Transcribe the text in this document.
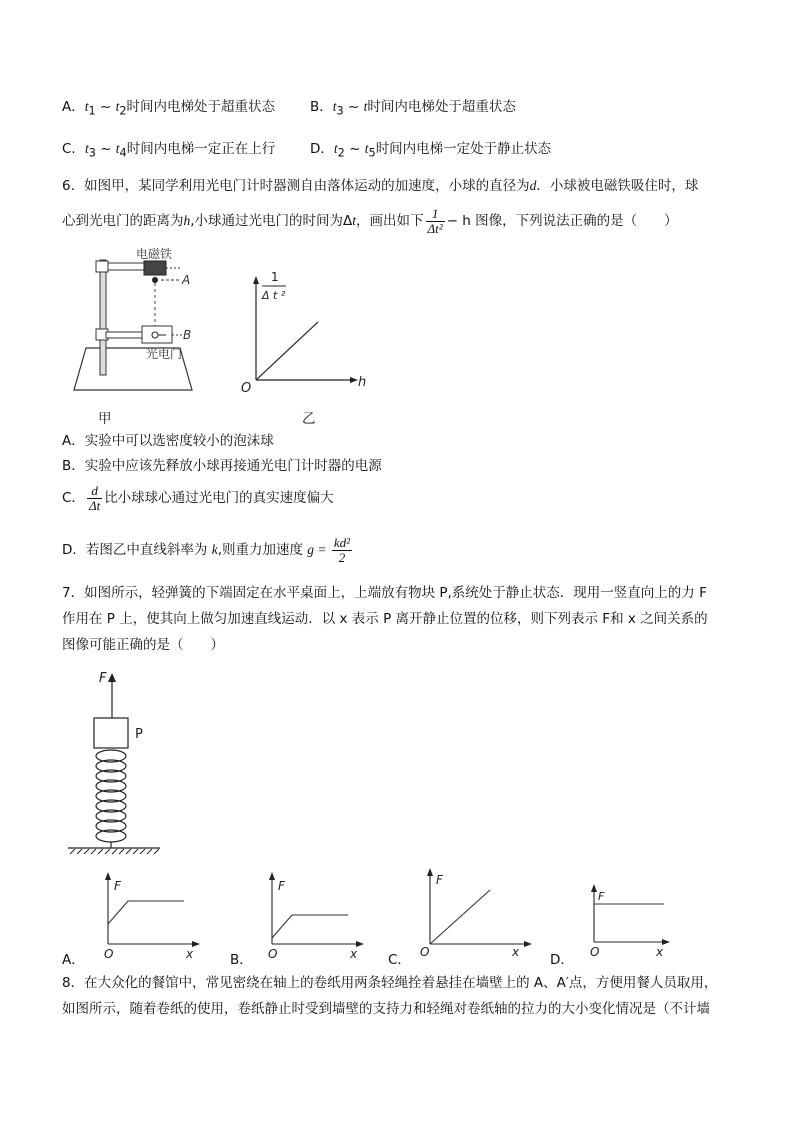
A．$t_1$ ~ $t_2$时间内电梯处于超重状态	B．$t_3$ ~ t时间内电梯处于超重状态
C．$t_3$ ~ $t_4$时间内电梯一定正在上行	D．$t_2$ ~ $t_5$时间内电梯一定处于静止状态
6．如图甲，某同学利用光电门计时器测自由落体运动的加速度，小球的直径为d．小球被电磁铁吸住时，球
心到光电门的距离为h,小球通过光电门的时间为Δt，画出如下 $\frac{1}{\text{Δt²}} - h$ 图像，下列说法正确的是（　　）
电磁铁
A
B
光电门
甲
1
Δ t ²
h
O
乙
A．实验中可以选密度较小的泡沫球
B．实验中应该先释放小球再接通光电门计时器的电源
C． $\frac{d}{\Delta t}$ 比小球球心通过光电门的真实速度偏大
D．若图乙中直线斜率为 k,则重力加速度 $g = \frac{\text{kd²}}{2}$
7．如图所示，轻弹簧的下端固定在水平桌面上，上端放有物块 P,系统处于静止状态．现用一竖直向上的力 F
作用在 P 上，使其向上做匀加速直线运动．以 x 表示 P 离开静止位置的位移，则下列表示 F和 x 之间关系的
图像可能正确的是（　　）
F
P
A．
F
O	x	B．
F
O	x C．
F
O	x D．
F
O	x
8．在大众化的餐馆中，常见密绕在轴上的卷纸用两条轻绳拴着悬挂在墙壁上的 A、A′点，方便用餐人员取用，
如图所示，随着卷纸的使用，卷纸静止时受到墙壁的支持力和轻绳对卷纸轴的拉力的大小变化情况是（不计墙
